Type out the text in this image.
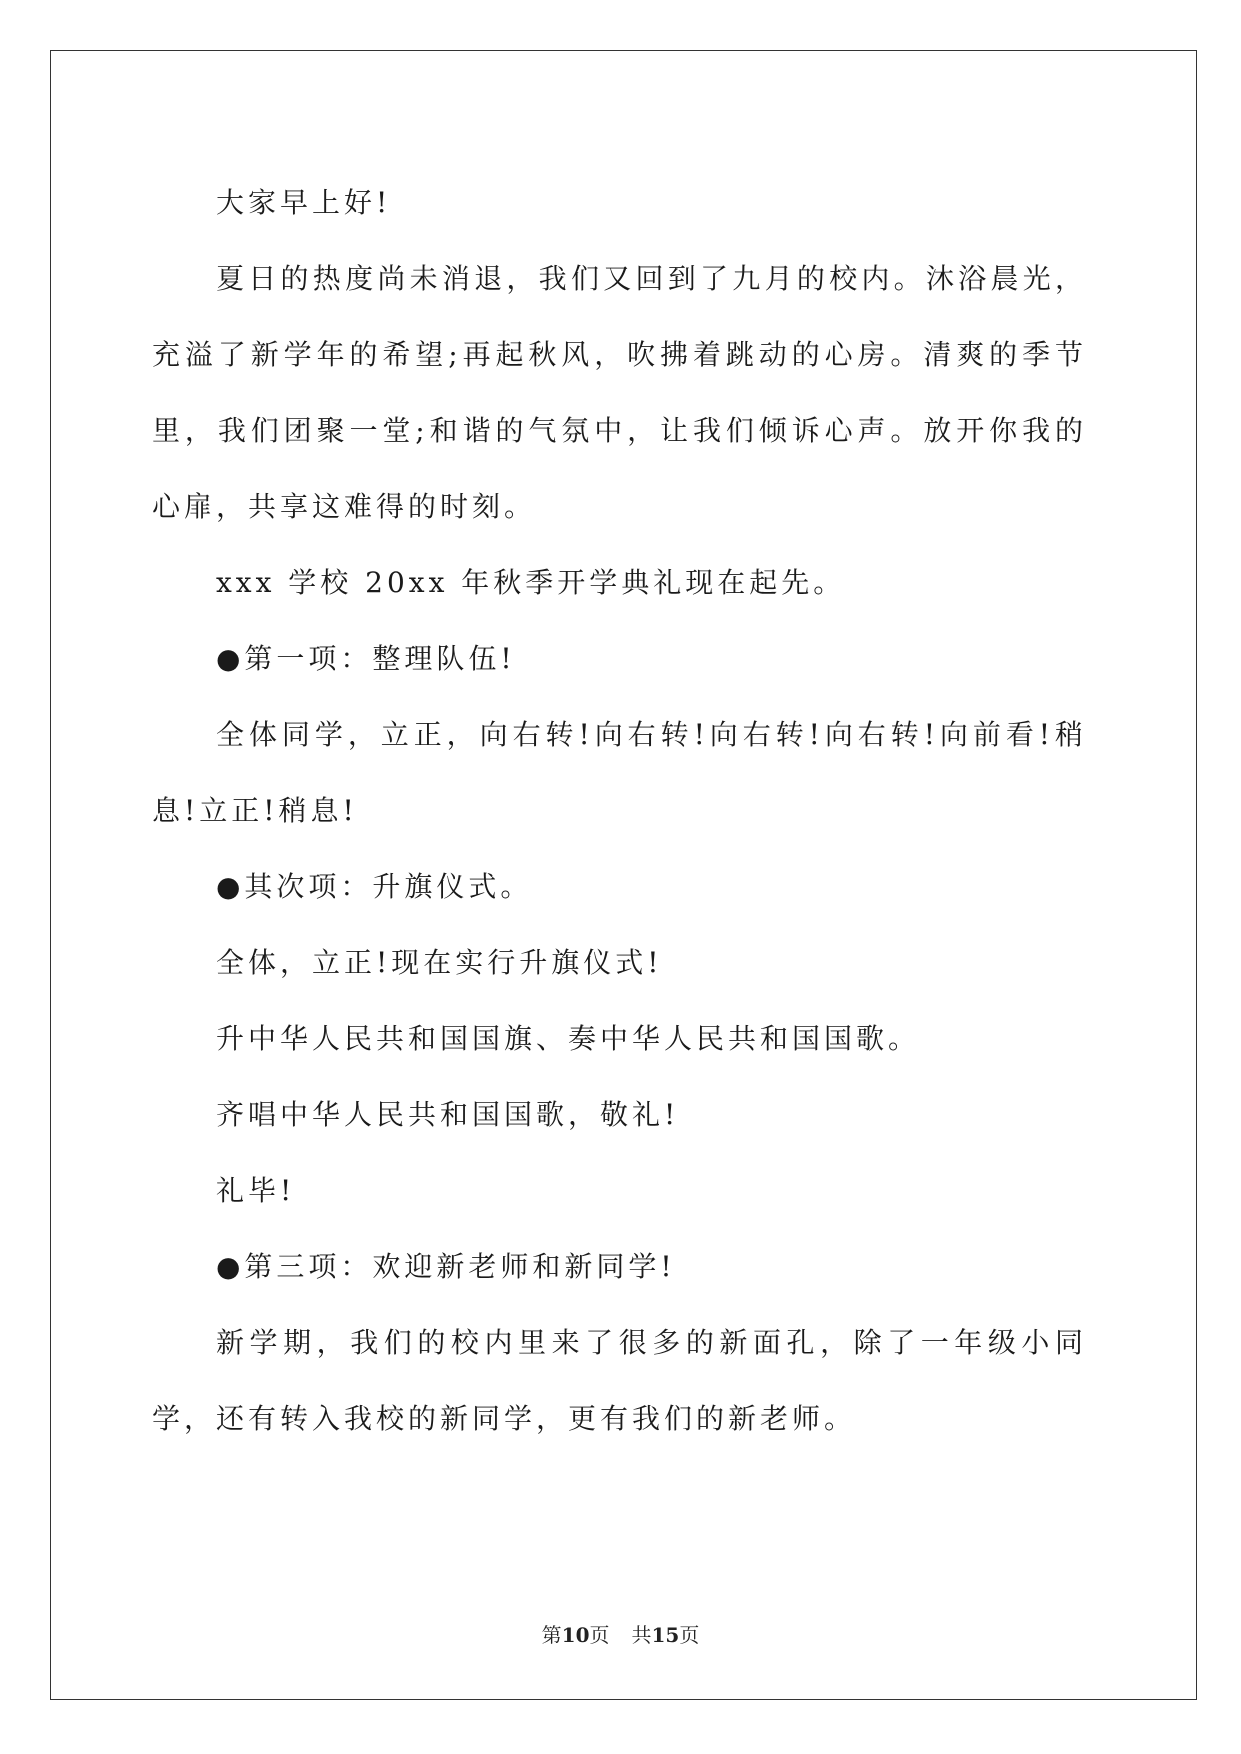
大家早上好!

夏日的热度尚未消退，我们又回到了九月的校内。沐浴晨光，充溢了新学年的希望;再起秋风，吹拂着跳动的心房。清爽的季节里，我们团聚一堂;和谐的气氛中，让我们倾诉心声。放开你我的心扉，共享这难得的时刻。

xxx 学校 20xx 年秋季开学典礼现在起先。

●第一项：整理队伍!

全体同学，立正，向右转!向右转!向右转!向右转!向前看!稍息!立正!稍息!

●其次项：升旗仪式。

全体，立正!现在实行升旗仪式!

升中华人民共和国国旗、奏中华人民共和国国歌。

齐唱中华人民共和国国歌，敬礼!

礼毕!

●第三项：欢迎新老师和新同学!

新学期，我们的校内里来了很多的新面孔，除了一年级小同学，还有转入我校的新同学，更有我们的新老师。

第10页 共15页
